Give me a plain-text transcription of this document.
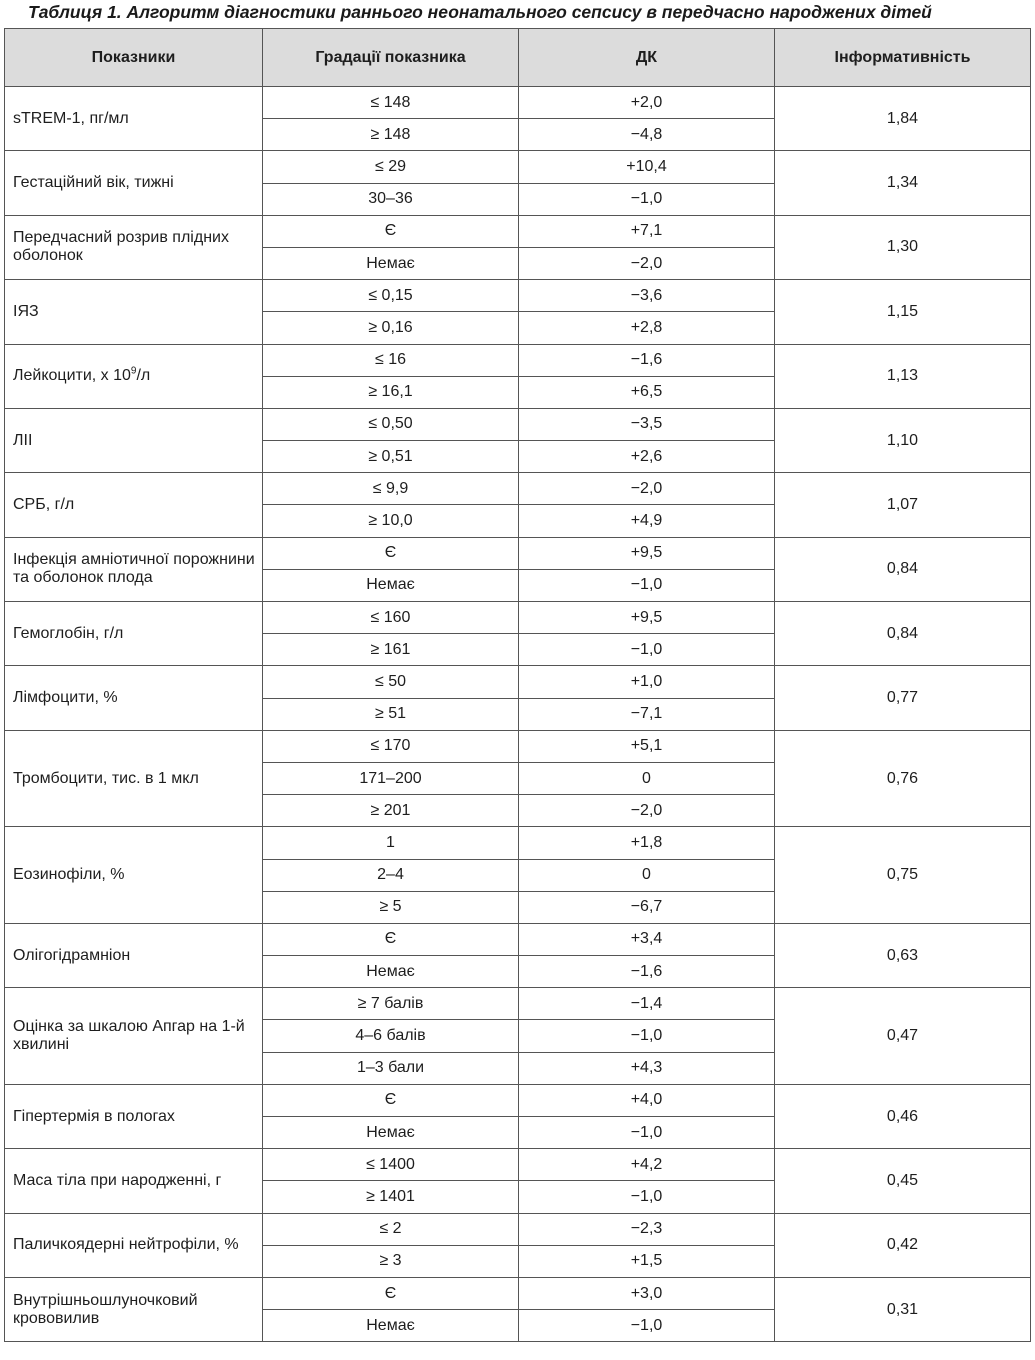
Таблиця 1. Алгоритм діагностики раннього неонатального сепсису в передчасно народжених дітей
Показники	Градації показника	ДК	Інформативність
sTREM-1, пг/мл	≤ 148	+2,0	1,84
	≥ 148	−4,8	
Гестаційний вік, тижні	≤ 29	+10,4	1,34
	30–36	−1,0	
Передчасний розрив плідних оболонок	Є	+7,1	1,30
	Немає	−2,0	
ІЯЗ	≤ 0,15	−3,6	1,15
	≥ 0,16	+2,8	
Лейкоцити, х $10^9/л$	≤ 16	−1,6	1,13
	≥ 16,1	+6,5	
ЛІІ	≤ 0,50	−3,5	1,10
	≥ 0,51	+2,6	
СРБ, г/л	≤ 9,9	−2,0	1,07
	≥ 10,0	+4,9	
Інфекція амніотичної порожнини та оболонок плода	Є	+9,5	0,84
	Немає	−1,0	
Гемоглобін, г/л	≤ 160	+9,5	0,84
	≥ 161	−1,0	
Лімфоцити, %	≤ 50	+1,0	0,77
	≥ 51	−7,1	
Тромбоцити, тис. в 1 мкл	≤ 170	+5,1	0,76
	171–200	0	
	≥ 201	−2,0	
Еозинофіли, %	1	+1,8	0,75
	2–4	0	
	≥ 5	−6,7	
Олігогідрамніон	Є	+3,4	0,63
	Немає	−1,6	
Оцінка за шкалою Апгар на 1-й хвилині	≥ 7 балів	−1,4	0,47
	4–6 балів	−1,0	
	1–3 бали	+4,3	
Гіпертермія в пологах	Є	+4,0	0,46
	Немає	−1,0	
Маса тіла при народженні, г	≤ 1400	+4,2	0,45
	≥ 1401	−1,0	
Паличкоядерні нейтрофіли, %	≤ 2	−2,3	0,42
	≥ 3	+1,5	
Внутрішньошлуночковий крововилив	Є	+3,0	0,31
	Немає	−1,0	
